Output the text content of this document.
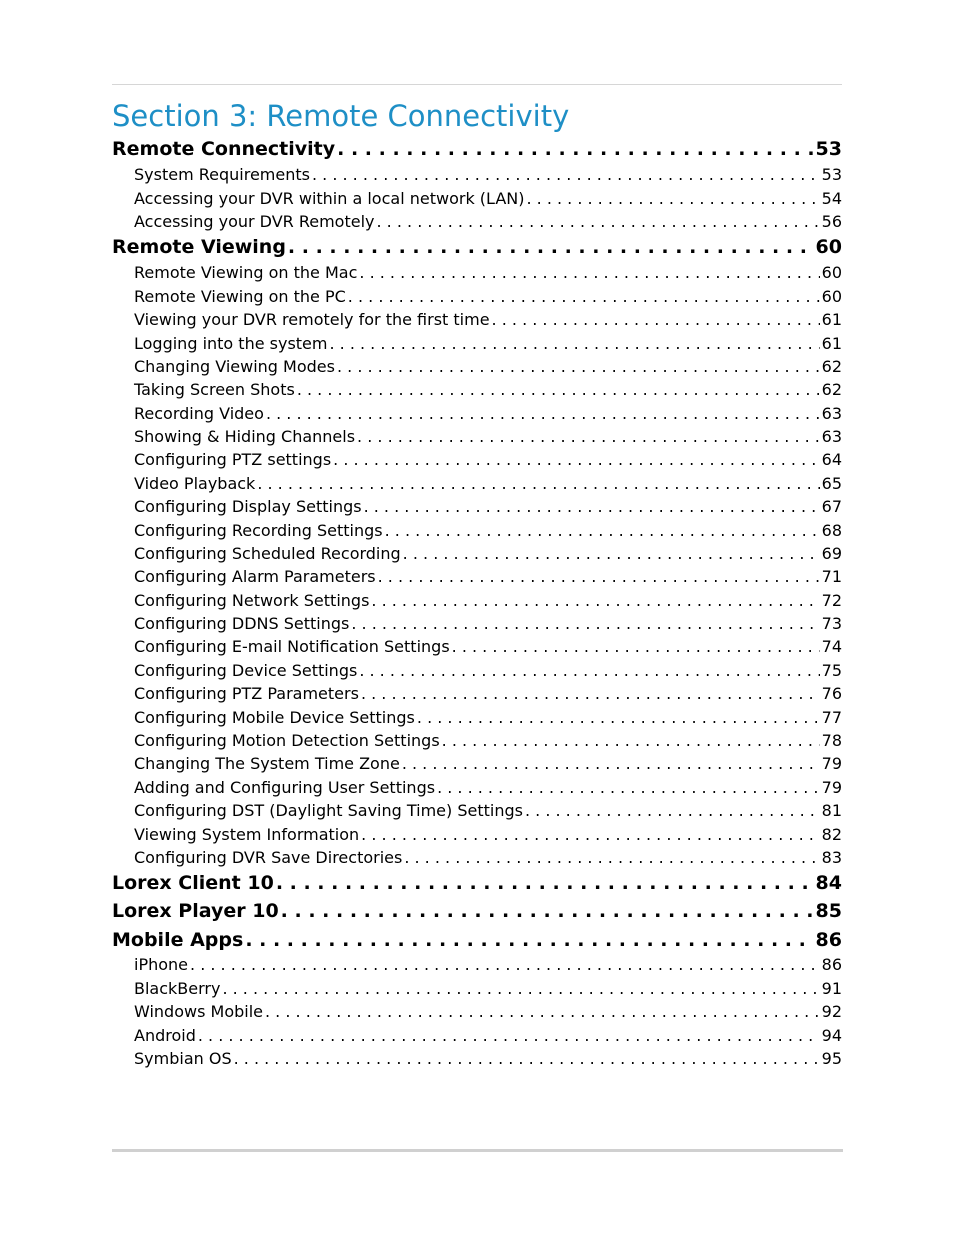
Section 3: Remote Connectivity
Remote Connectivity . . .	53
System Requirements . . .	53
Accessing your DVR within a local network (LAN) . . .	54
Accessing your DVR Remotely . . .	56
Remote Viewing . . .	60
Remote Viewing on the Mac . . .	60
Remote Viewing on the PC . . .	60
Viewing your DVR remotely for the first time . . .	61
Logging into the system . . .	61
Changing Viewing Modes . . .	62
Taking Screen Shots . . .	62
Recording Video . . .	63
Showing & Hiding Channels . . .	63
Configuring PTZ settings . . .	64
Video Playback . . .	65
Configuring Display Settings . . .	67
Configuring Recording Settings . . .	68
Configuring Scheduled Recording . . .	69
Configuring Alarm Parameters . . .	71
Configuring Network Settings . . .	72
Configuring DDNS Settings . . .	73
Configuring E-mail Notification Settings . . .	74
Configuring Device Settings . . .	75
Configuring PTZ Parameters . . .	76
Configuring Mobile Device Settings . . .	77
Configuring Motion Detection Settings . . .	78
Changing The System Time Zone . . .	79
Adding and Configuring User Settings . . .	79
Configuring DST (Daylight Saving Time) Settings . . .	81
Viewing System Information . . .	82
Configuring DVR Save Directories . . .	83
Lorex Client 10 . . .	84
Lorex Player 10 . . .	85
Mobile Apps . . .	86
iPhone . . .	86
BlackBerry . . .	91
Windows Mobile . . .	92
Android . . .	94
Symbian OS . . .	95
